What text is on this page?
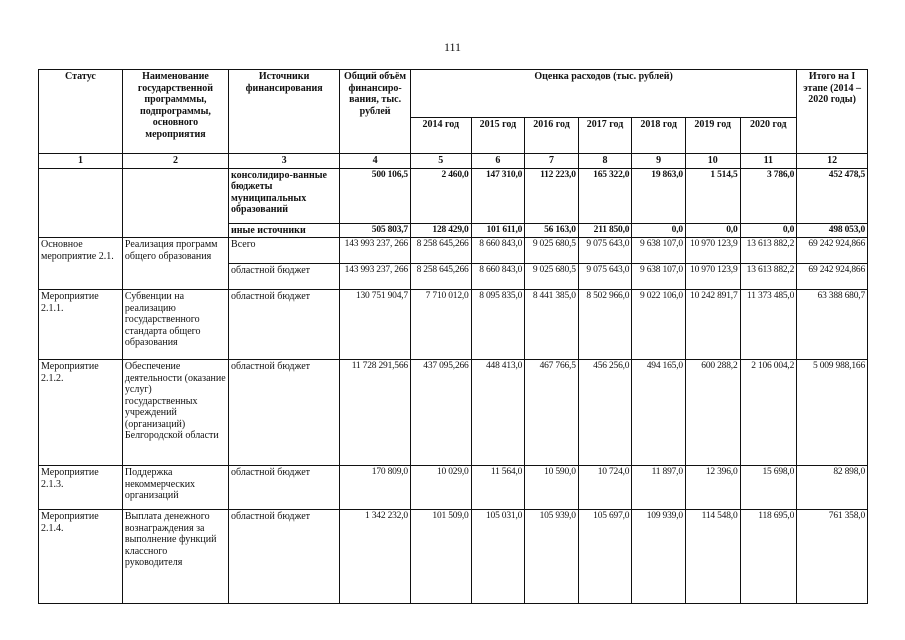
111
Статус	Наименование государственной программмы, подпрограммы, основного мероприятия	Источники финансирования	Общий объём финансиро-вания, тыс. рублей	Оценка расходов (тыс. рублей)							Итого на I этапе (2014 – 2020 годы)
				2014 год	2015 год	2016 год	2017 год	2018 год	2019 год	2020 год	
1	2	3	4	5	6	7	8	9	10	11	12
		консолидиро-ванные бюджеты муниципальных образований	500 106,5	2 460,0	147 310,0	112 223,0	165 322,0	19 863,0	1 514,5	3 786,0	452 478,5
		иные источники	505 803,7	128 429,0	101 611,0	56 163,0	211 850,0	0,0	0,0	0,0	498 053,0
Основное мероприятие 2.1.	Реализация программ общего образования	Всего	143 993 237, 266	8 258 645,266	8 660 843,0	9 025 680,5	9 075 643,0	9 638 107,0	10 970 123,9	13 613 882,2	69 242 924,866
		областной бюджет	143 993 237, 266	8 258 645,266	8 660 843,0	9 025 680,5	9 075 643,0	9 638 107,0	10 970 123,9	13 613 882,2	69 242 924,866
Мероприятие 2.1.1.	Субвенции на реализацию государственного стандарта общего образования	областной бюджет	130 751 904,7	7 710 012,0	8 095 835,0	8 441 385,0	8 502 966,0	9 022 106,0	10 242 891,7	11 373 485,0	63 388 680,7
Мероприятие 2.1.2.	Обеспечение деятельности (оказание услуг) государственных учреждений (организаций) Белгородской области	областной бюджет	11 728 291,566	437 095,266	448 413,0	467 766,5	456 256,0	494 165,0	600 288,2	2 106 004,2	5 009 988,166
Мероприятие 2.1.3.	Поддержка некоммерческих организаций	областной бюджет	170 809,0	10 029,0	11 564,0	10 590,0	10 724,0	11 897,0	12 396,0	15 698,0	82 898,0
Мероприятие 2.1.4.	Выплата денежного вознаграждения за выполнение функций классного руководителя	областной бюджет	1 342 232,0	101 509,0	105 031,0	105 939,0	105 697,0	109 939,0	114 548,0	118 695,0	761 358,0
